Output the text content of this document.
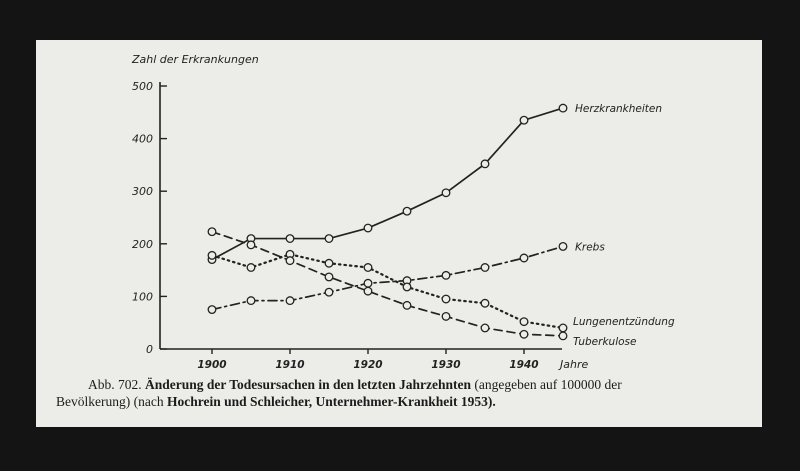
Zahl der Erkrankungen
0
100
200
300
400
500
1900	1910	1920	1930	1940 Jahre
Herzkrankheiten
Krebs
Lungenentzündung
Tuberkulose
Abb. 702. Änderung der Todesursachen in den letzten Jahrzehnten (angegeben auf 100000 der
Bevölkerung) (nach Hochrein und Schleicher, Unternehmer-Krankheit 1953).
